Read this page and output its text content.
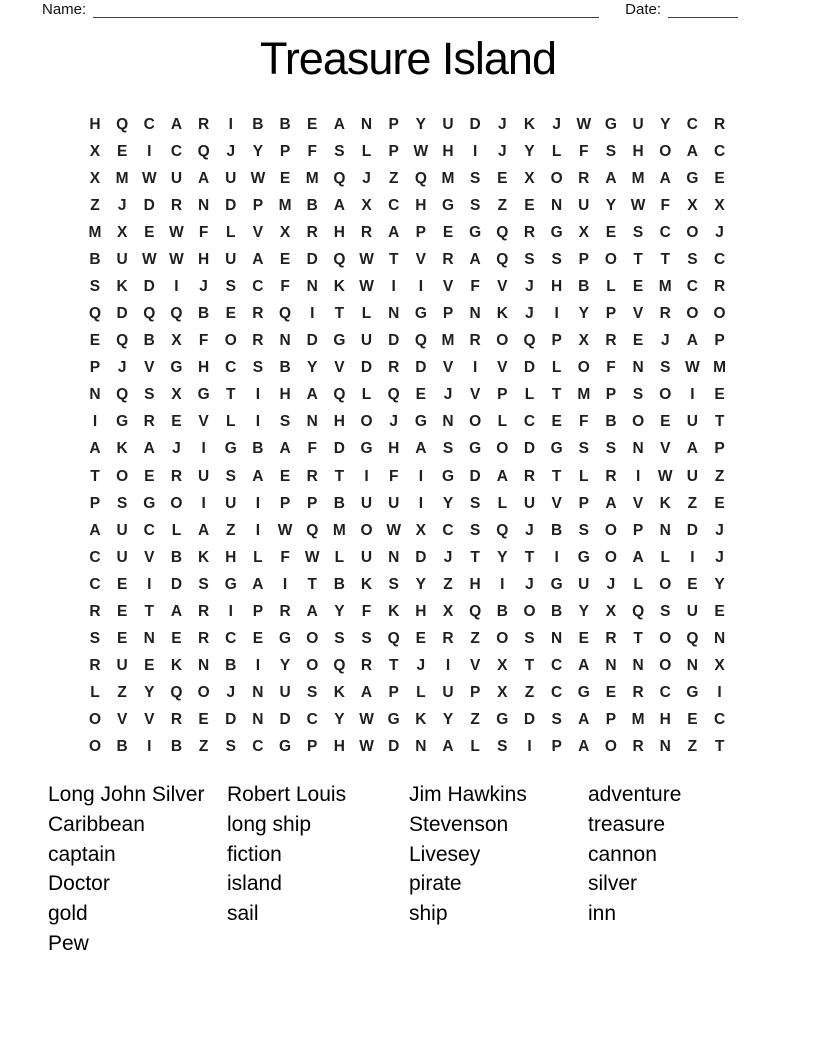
Name:	Date:
Treasure Island
H	Q	C	A	R	I	B	B	E	A	N	P	Y	U	D	J	K	J	W G	U	Y	C	R
X	E	I	C	Q	J	Y	P	F	S	L	P W H	I	J	Y	L	F	S	H	O	A	C
X	M W U	A	U W E	M Q	J	Z	Q M	S	E	X	O	R	A M A	G	E
Z	J	D	R	N	D	P	M B	A	X	C	H	G	S	Z	E	N	U	Y W F	X	X
M	X	E W F	L	V	X	R	H	R	A	P	E	G Q	R	G	X	E	S	C	O	J
B	U W W H	U	A	E	D	Q W T	V	R	A	Q	S	S	P	O	T	T	S	C
S	K	D	I	J	S	C	F	N	K W	I	I	V	F	V	J	H	B	L	E	M C	R
Q	D	Q Q	B	E	R	Q	I	T	L	N	G	P	N	K	J	I	Y	P	V	R	O O
E	Q	B	X	F	O	R	N	D	G	U	D	Q M R	O Q	P	X	R	E	J	A	P
P	J	V	G	H	C	S	B	Y	V	D	R	D	V	I	V	D	L	O	F	N	S W M
N	Q	S	X	G	T	I	H	A	Q	L	Q	E	J	V	P	L	T	M	P	S	O	I	E
I	G	R	E	V	L	I	S	N	H	O	J	G	N	O	L	C	E	F	B	O	E	U	T
A	K	A	J	I	G	B	A	F	D	G	H	A	S	G O	D	G	S	S	N	V	A	P
T	O	E	R	U	S	A	E	R	T	I	F	I	G	D	A	R	T	L	R	I	W U	Z
P	S	G O	I	U	I	P	P	B	U	U	I	Y	S	L	U	V	P	A	V	K	Z	E
A	U	C	L	A	Z	I	W Q M O W X	C	S	Q	J	B	S	O	P	N	D	J
C	U	V	B	K	H	L	F W L	U	N	D	J	T	Y	T	I	G O	A	L	I	J
C	E	I	D	S	G	A	I	T	B	K	S	Y	Z	H	I	J	G	U	J	L	O	E	Y
R	E	T	A	R	I	P	R	A	Y	F	K	H	X	Q	B	O	B	Y	X	Q	S	U	E
S	E	N	E	R	C	E	G O	S	S	Q	E	R	Z	O	S	N	E	R	T	O Q	N
R	U	E	K	N	B	I	Y	O Q	R	T	J	I	V	X	T	C	A	N	N	O	N	X
L	Z	Y	Q O	J	N	U	S	K	A	P	L	U	P	X	Z	C	G	E	R	C	G	I
O	V	V	R	E	D	N	D	C	Y W G	K	Y	Z	G	D	S	A	P	M H	E	C
O	B	I	B	Z	S	C	G	P	H W D	N	A	L	S	I	P	A	O	R	N	Z	T
Long John Silver
Caribbean
captain
Doctor
gold
Pew
Robert Louis
long ship
fiction
island
sail
Jim Hawkins
Stevenson
Livesey
pirate
ship
adventure
treasure
cannon
silver
inn
